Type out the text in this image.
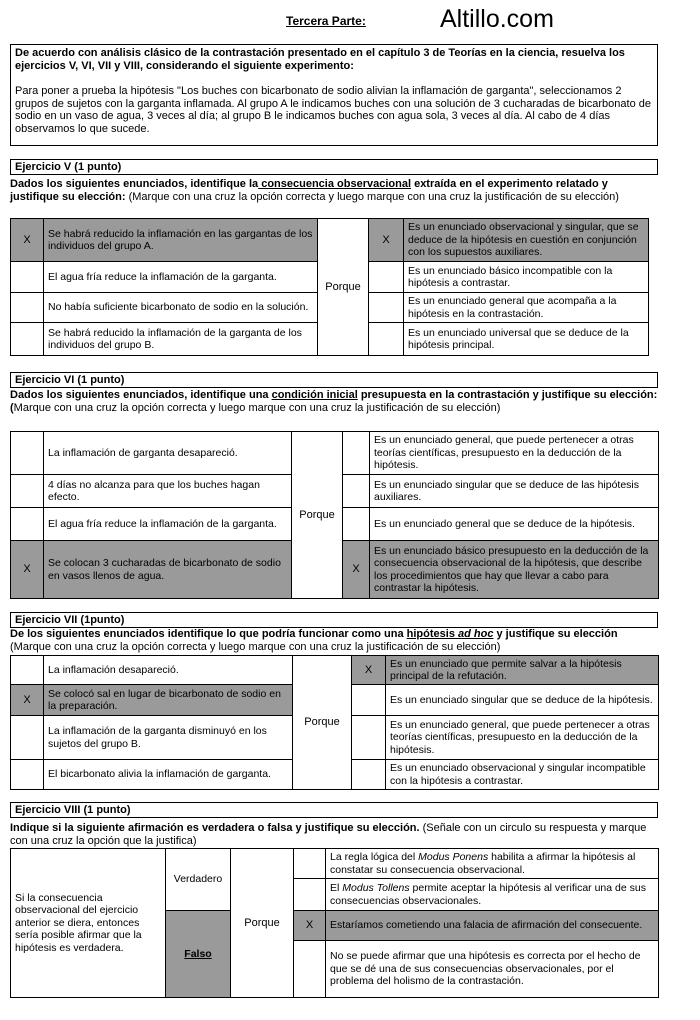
Tercera Parte:	Altillo.com

De acuerdo con análisis clásico de la contrastación presentado en el capítulo 3 de Teorías en la ciencia, resuelva los ejercicios V, VI, VII y VIII, considerando el siguiente experimento:

Para poner a prueba la hipótesis "Los buches con bicarbonato de sodio alivian la inflamación de garganta", seleccionamos 2 grupos de sujetos con la garganta inflamada. Al grupo A le indicamos buches con una solución de 3 cucharadas de bicarbonato de sodio en un vaso de agua, 3 veces al día; al grupo B le indicamos buches con agua sola, 3 veces al día. Al cabo de 4 días observamos lo que sucede.

Ejercicio V (1 punto)
Dados los siguientes enunciados, identifique la consecuencia observacional extraída en el experimento relatado y justifique su elección: (Marque con una cruz la opción correcta y luego marque con una cruz la justificación de su elección)
X	Se habrá reducido la inflamación en las gargantas de los individuos del grupo A.	Porque	X	Es un enunciado observacional y singular, que se deduce de la hipótesis en cuestión en conjunción con los supuestos auxiliares.
	El agua fría reduce la inflamación de la garganta.			Es un enunciado básico incompatible con la hipótesis a contrastar.
	No había suficiente bicarbonato de sodio en la solución.			Es un enunciado general que acompaña a la hipótesis en la contrastación.
	Se habrá reducido la inflamación de la garganta de los individuos del grupo B.			Es un enunciado universal que se deduce de la hipótesis principal.
Ejercicio VI (1 punto)
Dados los siguientes enunciados, identifique una condición inicial presupuesta en la contrastación y justifique su elección: (Marque con una cruz la opción correcta y luego marque con una cruz la justificación de su elección)
	La inflamación de garganta desapareció.	Porque		Es un enunciado general, que puede pertenecer a otras teorías científicas, presupuesto en la deducción de la hipótesis.
	4 días no alcanza para que los buches hagan efecto.			Es un enunciado singular que se deduce de las hipótesis auxiliares.
	El agua fría reduce la inflamación de la garganta.			Es un enunciado general que se deduce de la hipótesis.
X	Se colocan 3 cucharadas de bicarbonato de sodio en vasos llenos de agua.		X	Es un enunciado básico presupuesto en la deducción de la consecuencia observacional de la hipótesis, que describe los procedimientos que hay que llevar a cabo para contrastar la hipótesis.
Ejercicio VII (1punto)
De los siguientes enunciados identifique lo que podría funcionar como una hipótesis ad hoc y justifique su elección (Marque con una cruz la opción correcta y luego marque con una cruz la justificación de su elección)
	La inflamación desapareció.	Porque	X	Es un enunciado que permite salvar a la hipótesis principal de la refutación.
X	Se colocó sal en lugar de bicarbonato de sodio en la preparación.			Es un enunciado singular que se deduce de la hipótesis.
	La inflamación de la garganta disminuyó en los sujetos del grupo B.			Es un enunciado general, que puede pertenecer a otras teorías científicas, presupuesto en la deducción de la hipótesis.
	El bicarbonato alivia la inflamación de garganta.			Es un enunciado observacional y singular incompatible con la hipótesis a contrastar.
Ejercicio VIII (1 punto)
Indique si la siguiente afirmación es verdadera o falsa y justifique su elección. (Señale con un circulo su respuesta y marque con una cruz la opción que la justifica)
Si la consecuencia observacional del ejercicio anterior se diera, entonces sería posible afirmar que la hipótesis es verdadera.	Verdadero	Porque		La regla lógica del Modus Ponens habilita a afirmar la hipótesis al constatar su consecuencia observacional.
				El Modus Tollens permite aceptar la hipótesis al verificar una de sus consecuencias observacionales.
	Falso		X	Estaríamos cometiendo una falacia de afirmación del consecuente.
				No se puede afirmar que una hipótesis es correcta por el hecho de que se dé una de sus consecuencias observacionales, por el problema del holismo de la contrastación.
